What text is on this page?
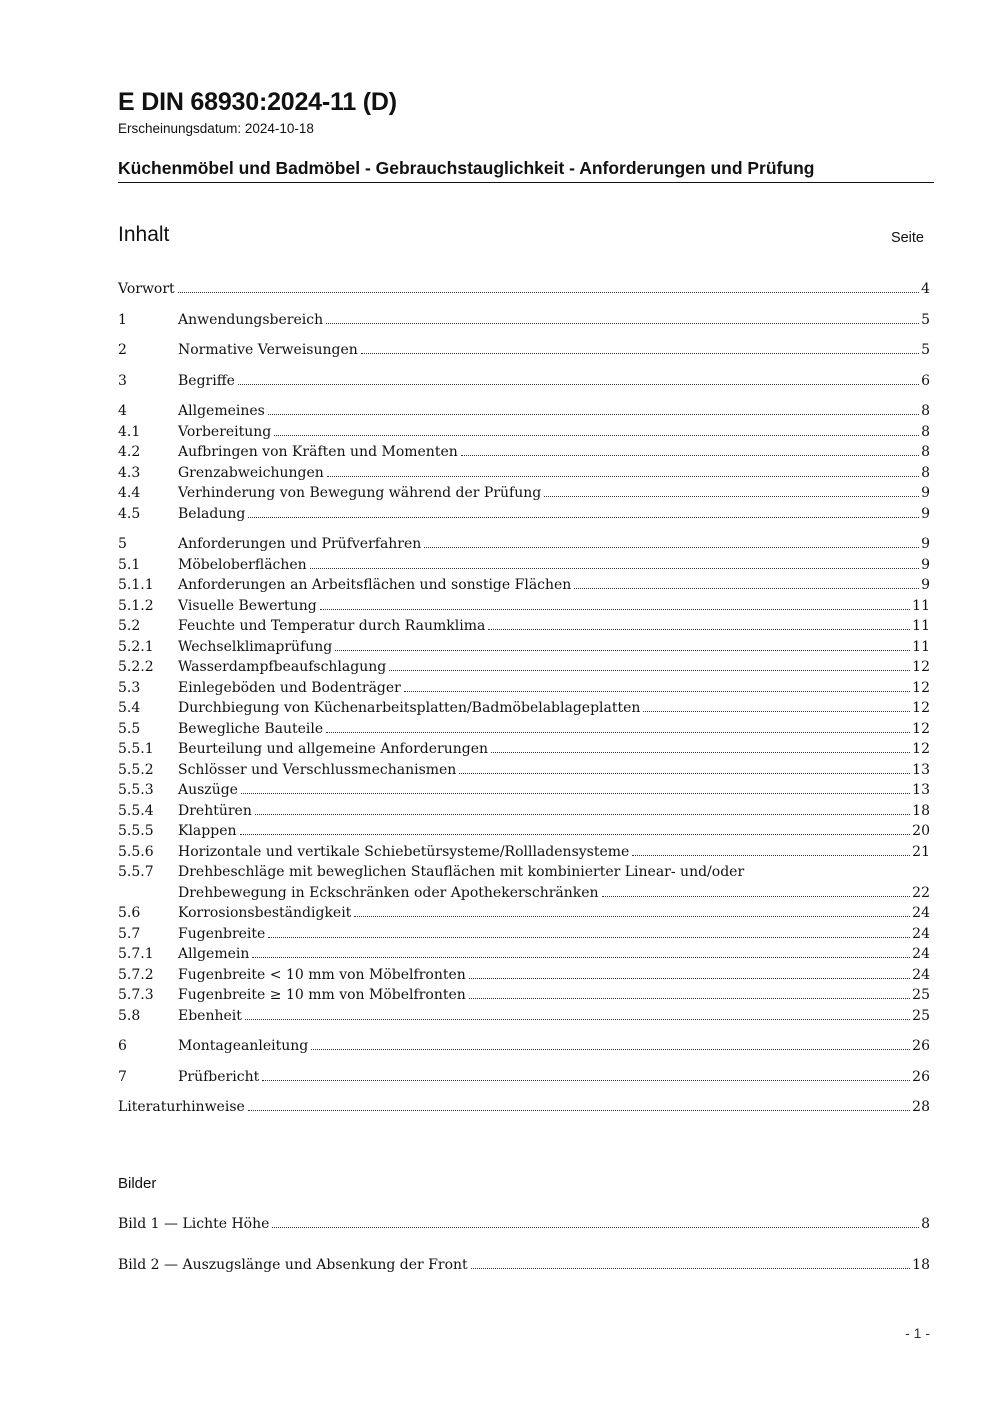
E DIN 68930:2024-11 (D)
Erscheinungsdatum: 2024-10-18
Küchenmöbel und Badmöbel - Gebrauchstauglichkeit - Anforderungen und Prüfung
Inhalt	Seite
Vorwort	4
1	Anwendungsbereich	5
2	Normative Verweisungen	5
3	Begriffe	6
4	Allgemeines	8
4.1	Vorbereitung	8
4.2	Aufbringen von Kräften und Momenten	8
4.3	Grenzabweichungen	8
4.4	Verhinderung von Bewegung während der Prüfung	9
4.5	Beladung	9
5	Anforderungen und Prüfverfahren	9
5.1	Möbeloberflächen	9
5.1.1	Anforderungen an Arbeitsflächen und sonstige Flächen	9
5.1.2	Visuelle Bewertung	11
5.2	Feuchte und Temperatur durch Raumklima	11
5.2.1	Wechselklimaprüfung	11
5.2.2	Wasserdampfbeaufschlagung	12
5.3	Einlegeböden und Bodenträger	12
5.4	Durchbiegung von Küchenarbeitsplatten/Badmöbelablageplatten	12
5.5	Bewegliche Bauteile	12
5.5.1	Beurteilung und allgemeine Anforderungen	12
5.5.2	Schlösser und Verschlussmechanismen	13
5.5.3	Auszüge	13
5.5.4	Drehtüren	18
5.5.5	Klappen	20
5.5.6	Horizontale und vertikale Schiebetürsysteme/Rollladensysteme	21
5.5.7	Drehbeschläge mit beweglichen Stauflächen mit kombinierter Linear- und/oder
Drehbewegung in Eckschränken oder Apothekerschränken	22
5.6	Korrosionsbeständigkeit	24
5.7	Fugenbreite	24
5.7.1	Allgemein	24
5.7.2	Fugenbreite < 10 mm von Möbelfronten	24
5.7.3	Fugenbreite ≥ 10 mm von Möbelfronten	25
5.8	Ebenheit	25
6	Montageanleitung	26
7	Prüfbericht	26
Literaturhinweise	28
Bilder
Bild 1 — Lichte Höhe	8
Bild 2 — Auszugslänge und Absenkung der Front	18
- 1 -
